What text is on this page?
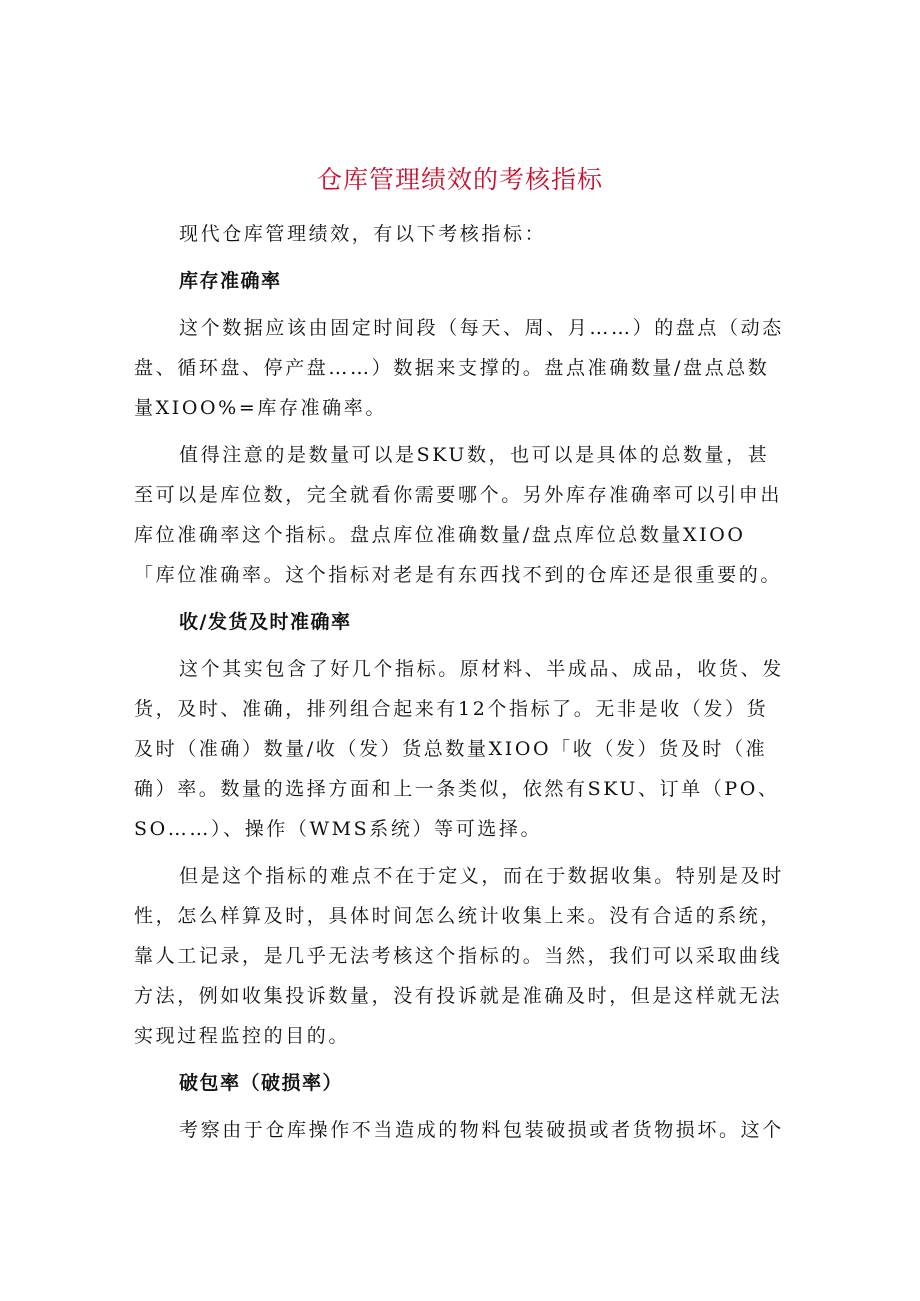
仓库管理绩效的考核指标

现代仓库管理绩效，有以下考核指标：

库存准确率

这个数据应该由固定时间段（每天、周、月……）的盘点（动态盘、循环盘、停产盘……）数据来支撑的。盘点准确数量/盘点总数量XIOO%=库存准确率。

值得注意的是数量可以是SKU数，也可以是具体的总数量，甚至可以是库位数，完全就看你需要哪个。另外库存准确率可以引申出库位准确率这个指标。盘点库位准确数量/盘点库位总数量XIOO「库位准确率。这个指标对老是有东西找不到的仓库还是很重要的。

收/发货及时准确率

这个其实包含了好几个指标。原材料、半成品、成品，收货、发货，及时、准确，排列组合起来有12个指标了。无非是收（发）货及时（准确）数量/收（发）货总数量XIOO「收（发）货及时（准确）率。数量的选择方面和上一条类似，依然有SKU、订单（PO、SO……）、操作（WMS系统）等可选择。

但是这个指标的难点不在于定义，而在于数据收集。特别是及时性，怎么样算及时，具体时间怎么统计收集上来。没有合适的系统，靠人工记录，是几乎无法考核这个指标的。当然，我们可以采取曲线方法，例如收集投诉数量，没有投诉就是准确及时，但是这样就无法实现过程监控的目的。

破包率（破损率）

考察由于仓库操作不当造成的物料包装破损或者货物损坏。这个
